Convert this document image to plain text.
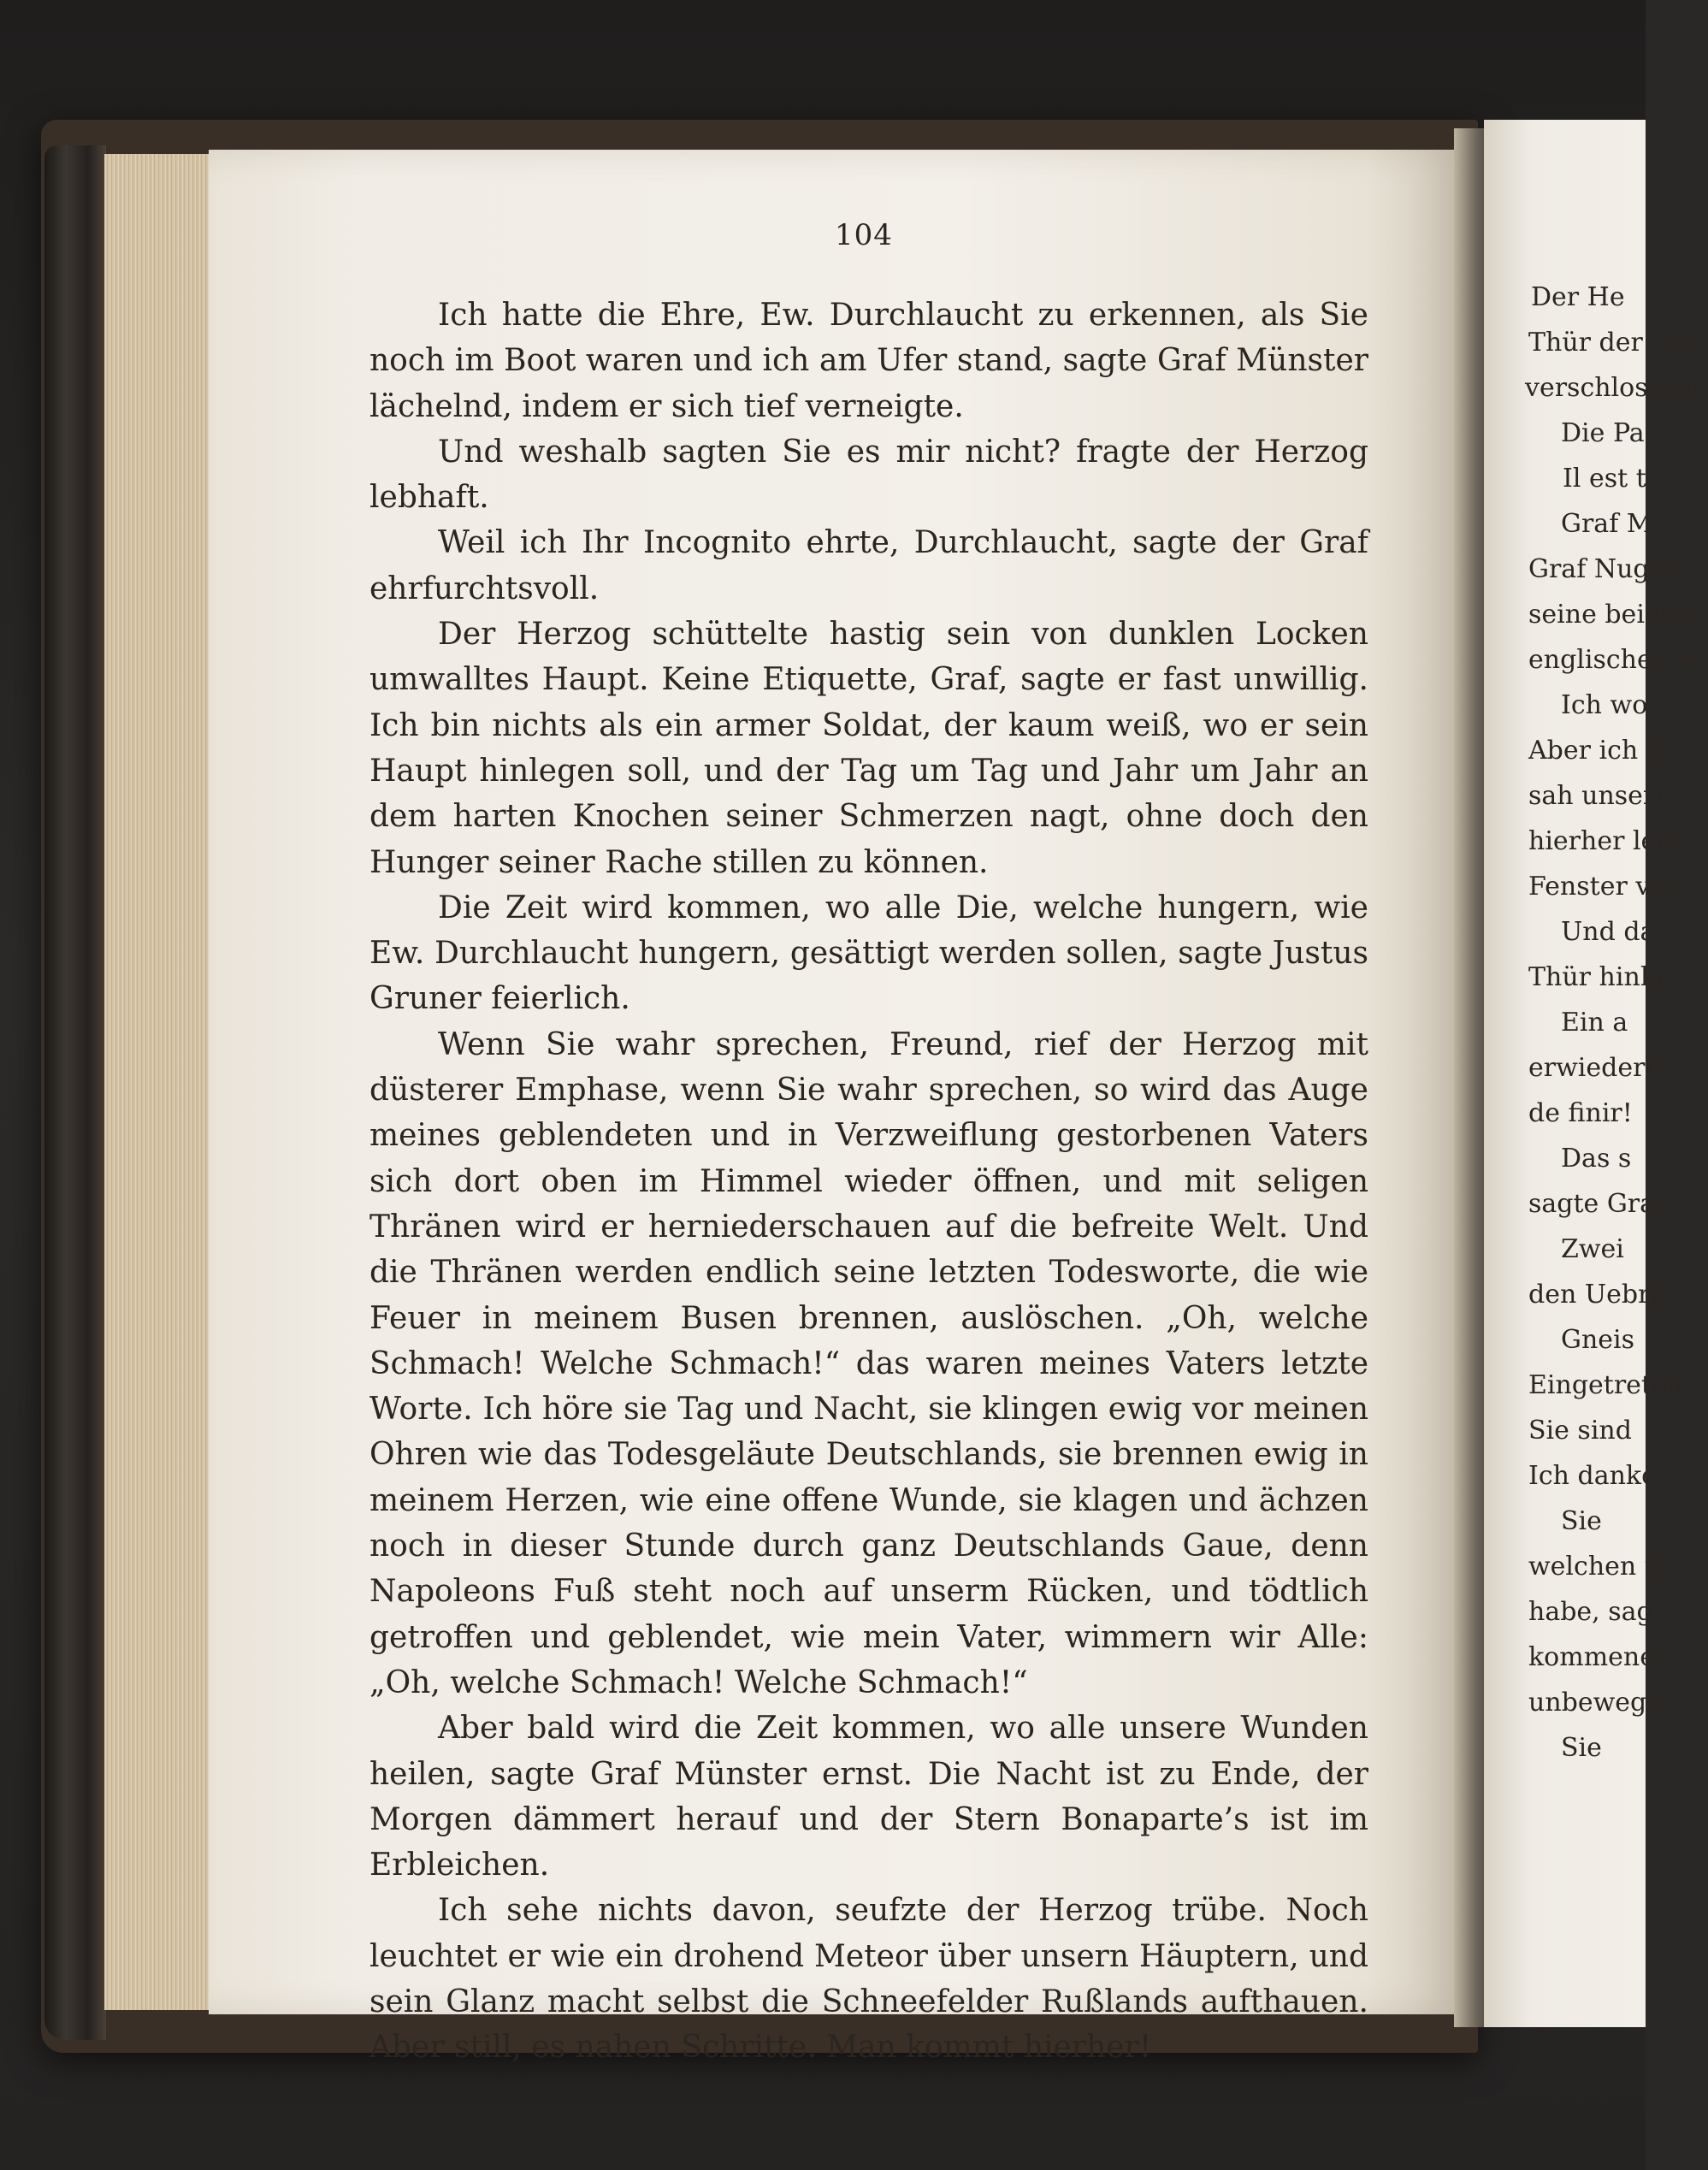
104

Ich hatte die Ehre, Ew. Durchlaucht zu erkennen, als Sie noch im Boot waren und ich am Ufer stand, sagte Graf Münster lächelnd, indem er sich tief verneigte.

Und weshalb sagten Sie es mir nicht? fragte der Herzog lebhaft.

Weil ich Ihr Incognito ehrte, Durchlaucht, sagte der Graf ehrfurchtsvoll.

Der Herzog schüttelte hastig sein von dunklen Locken umwalltes Haupt. Keine Etiquette, Graf, sagte er fast unwillig. Ich bin nichts als ein armer Soldat, der kaum weiß, wo er sein Haupt hinlegen soll, und der Tag um Tag und Jahr um Jahr an dem harten Knochen seiner Schmerzen nagt, ohne doch den Hunger seiner Rache stillen zu können.

Die Zeit wird kommen, wo alle Die, welche hungern, wie Ew. Durchlaucht hungern, gesättigt werden sollen, sagte Justus Gruner feierlich.

Wenn Sie wahr sprechen, Freund, rief der Herzog mit düsterer Emphase, wenn Sie wahr sprechen, so wird das Auge meines geblendeten und in Verzweiflung gestorbenen Vaters sich dort oben im Himmel wieder öffnen, und mit seligen Thränen wird er herniederschauen auf die befreite Welt. Und die Thränen werden endlich seine letzten Todesworte, die wie Feuer in meinem Busen brennen, auslöschen. „Oh, welche Schmach! Welche Schmach!“ das waren meines Vaters letzte Worte. Ich höre sie Tag und Nacht, sie klingen ewig vor meinen Ohren wie das Todesgeläute Deutschlands, sie brennen ewig in meinem Herzen, wie eine offene Wunde, sie klagen und ächzen noch in dieser Stunde durch ganz Deutschlands Gaue, denn Napoleons Fuß steht noch auf unserm Rücken, und tödtlich getroffen und geblendet, wie mein Vater, wimmern wir Alle: „Oh, welche Schmach! Welche Schmach!“

Aber bald wird die Zeit kommen, wo alle unsere Wunden heilen, sagte Graf Münster ernst. Die Nacht ist zu Ende, der Morgen dämmert herauf und der Stern Bonaparte’s ist im Erbleichen.

Ich sehe nichts davon, seufzte der Herzog trübe. Noch leuchtet er wie ein drohend Meteor über unsern Häuptern, und sein Glanz macht selbst die Schneefelder Rußlands aufthauen. Aber still, es nahen Schritte. Man kommt hierher!

Der He
Thür der Hü
verschlossene
Die Pa
Il est t
Graf M
Graf Nugen
seine beiden
englischen S
Ich wo
Aber ich g
sah unsern
hierher lenk
Fenster vor
Und da
Thür hinho
Ein a
erwiederte
de finir!
Das s
sagte Graf
Zwei
den Uebrig
Gneis
Eingetreten
Sie sind
Ich danke
Sie
welchen ne
habe, sag
kommener
unbewegl
Sie
